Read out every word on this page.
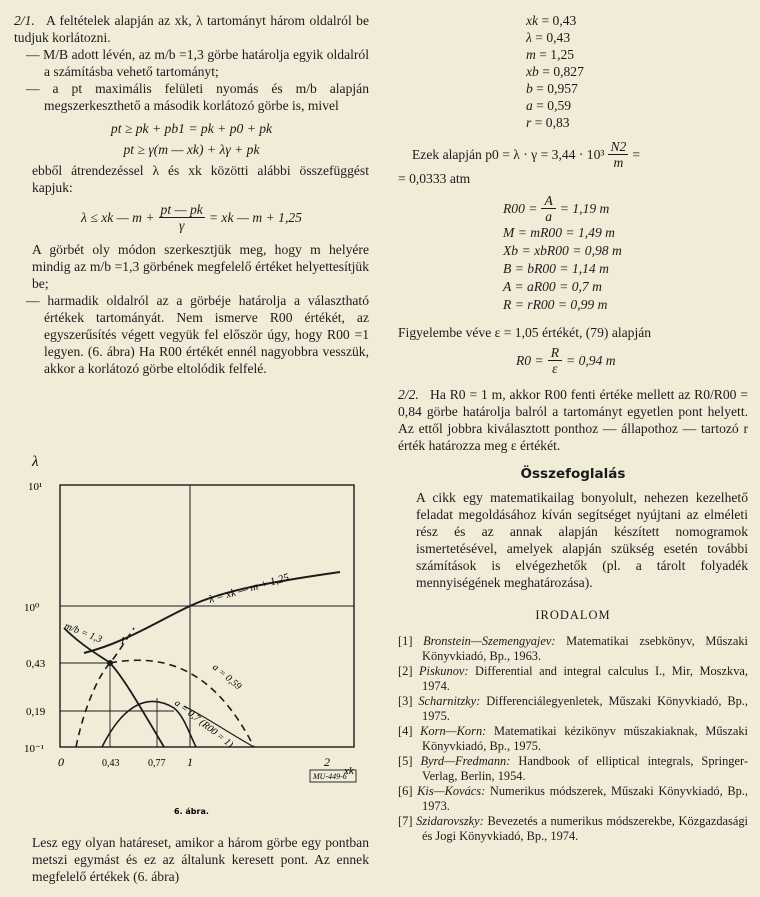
2/1. A feltételek alapján az xk, λ tartományt három oldalról be tudjuk korlátozni.

— M/B adott lévén, az m/b =1,3 görbe határolja egyik oldalról a számításba vehető tartományt;

— a pt maximális felületi nyomás és m/b alapján megszerkeszthető a második korlátozó görbe is, mivel

pt ≥ pk + pb1 = pk + p0 + pk

pt ≥ γ(m — xk) + λγ + pk

ebből átrendezéssel λ és xk közötti alábbi összefüggést kapjuk:

λ ≤ xk — $m + \frac{pt — pk}{\gamma}$ = xk — m + 1,25

A görbét oly módon szerkesztjük meg, hogy m helyére mindig az m/b =1,3 görbének megfelelő értéket helyettesítjük be;

— harmadik oldalról az a görbéje határolja a választható értékek tartományát. Nem ismerve R00 értékét, az egyszerűsítés végett vegyük fel először úgy, hogy R00 =1 legyen. (6. ábra) Ha R00 értékét ennél nagyobbra vesszük, akkor a korlátozó görbe eltolódik felfelé.

λ
10¹
10⁰
0,43
0,19
10⁻¹
0	0,43	0,77 1	2
xk
λ = xk — m + 1,25
m/b = 1,3
a = 0,59
a = 0,7 (R00 = 1)
1
MU-449-6
6. ábra.

Lesz egy olyan határeset, amikor a három görbe egy pontban metszi egymást és ez az általunk keresett pont. Az ennek megfelelő értékek (6. ábra)

xk = 0,43
λ = 0,43
m = 1,25
xb = 0,827
b = 0,957
a = 0,59
r = 0,83
Ezek alapján $p0 = \lambda \cdot \gamma = 3,44 \cdot 10^3 \frac{N2}{m}$ =

= 0,0333 atm

$R00 = \frac{A}{a} = 1,19$ m
M = mR00 = 1,49 m
Xb = xbR00 = 0,98 m
B = bR00 = 1,14 m
A = aR00 = 0,7 m
R = rR00 = 0,99 m

Figyelembe véve ε = 1,05 értékét, (79) alapján

$R0 = \frac{R}{\varepsilon} = 0,94$ m

2/2. Ha R0 = 1 m, akkor R00 fenti értéke mellett az R0/R00 = 0,84 görbe határolja balról a tartományt egyetlen pont helyett. Az ettől jobbra kiválasztott ponthoz — állapothoz — tartozó r érték határozza meg ε értékét.

Összefoglalás

A cikk egy matematikailag bonyolult, nehezen kezelhető feladat megoldásához kíván segítséget nyújtani az elméleti rész és az annak alapján készített nomogramok ismertetésével, amelyek alapján szükség esetén további számítások is elvégezhetők (pl. a tárolt folyadék mennyiségének meghatározása).

IRODALOM
[1] Bronstein—Szemengyajev: Matematikai zsebkönyv, Műszaki Könyvkiadó, Bp., 1963.
[2] Piskunov: Differential and integral calculus I., Mir, Moszkva, 1974.
[3] Scharnitzky: Differenciálegyenletek, Műszaki Könyvkiadó, Bp., 1975.
[4] Korn—Korn: Matematikai kézikönyv műszakiaknak, Műszaki Könyvkiadó, Bp., 1975.
[5] Byrd—Fredmann: Handbook of elliptical integrals, Springer-Verlag, Berlin, 1954.
[6] Kis—Kovács: Numerikus módszerek, Műszaki Könyvkiadó, Bp., 1973.
[7] Szidarovszky: Bevezetés a numerikus módszerekbe, Közgazdasági és Jogi Könyvkiadó, Bp., 1974.
